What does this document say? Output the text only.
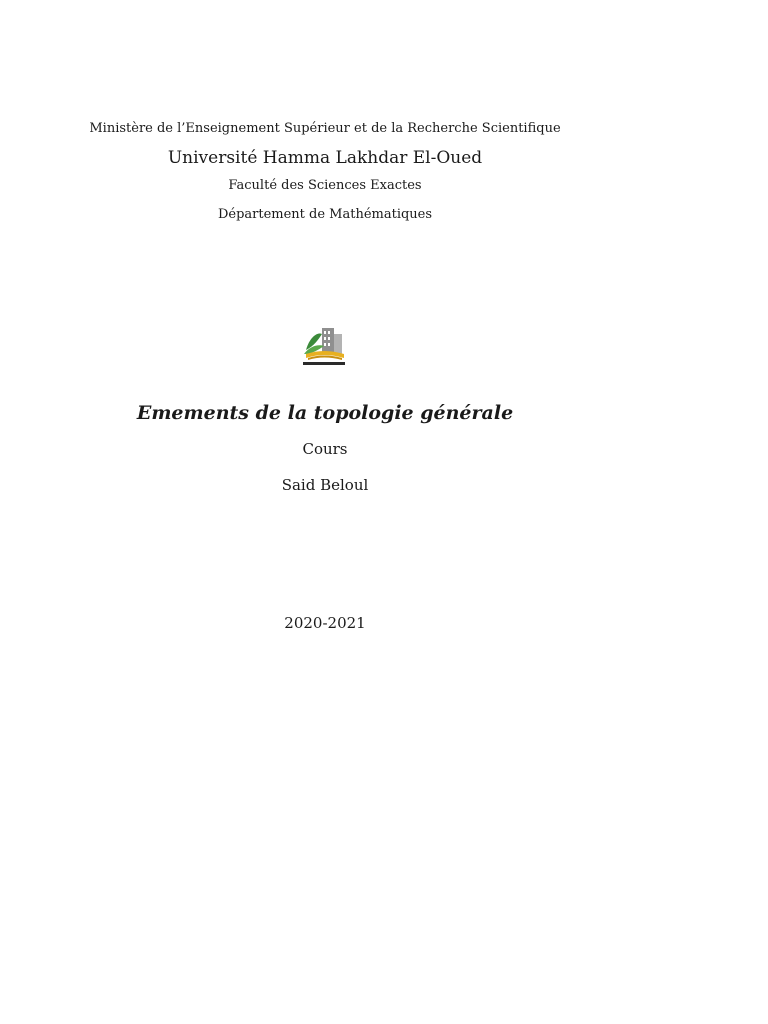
Ministère de l’Enseignement Supérieur et de la Recherche Scientifique
Université Hamma Lakhdar El-Oued
Faculté des Sciences Exactes
Département de Mathématiques
Emements de la topologie générale
Cours
Said Beloul
2020-2021
